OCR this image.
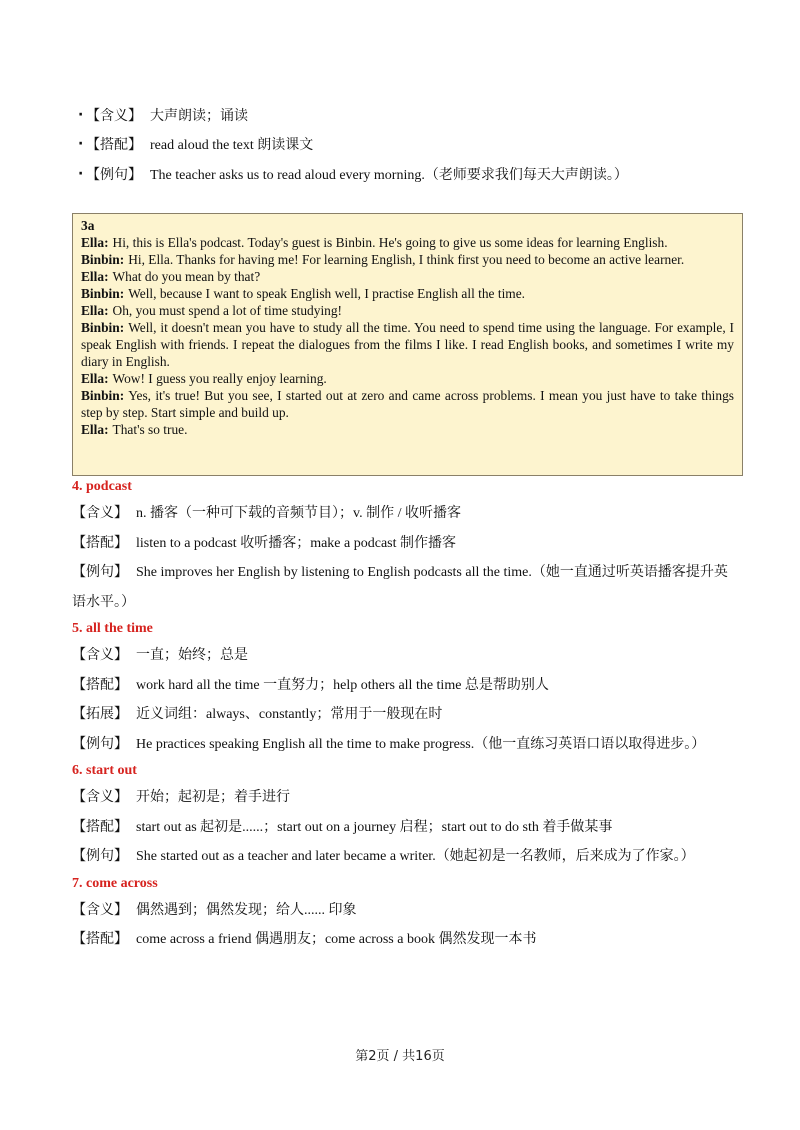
· 【含义】 大声朗读；诵读
· 【搭配】 read aloud the text 朗读课文
· 【例句】 The teacher asks us to read aloud every morning.（老师要求我们每天大声朗读。）
3a

Ella: Hi, this is Ella's podcast. Today's guest is Binbin. He's going to give us some ideas for learning English.

Binbin: Hi, Ella. Thanks for having me! For learning English, I think first you need to become an active learner.

Ella: What do you mean by that?

Binbin: Well, because I want to speak English well, I practise English all the time.

Ella: Oh, you must spend a lot of time studying!

Binbin: Well, it doesn't mean you have to study all the time. You need to spend time using the language. For example, I speak English with friends. I repeat the dialogues from the films I like. I read English books, and sometimes I write my diary in English.

Ella: Wow! I guess you really enjoy learning.

Binbin: Yes, it's true! But you see, I started out at zero and came across problems. I mean you just have to take things step by step. Start simple and build up.

Ella: That's so true.

4. podcast
【含义】 n. 播客（一种可下载的音频节目）；v. 制作 / 收听播客
【搭配】 listen to a podcast 收听播客；make a podcast 制作播客
【例句】 She improves her English by listening to English podcasts all the time.（她一直通过听英语播客提升英语水平。）
5. all the time
【含义】 一直；始终；总是
【搭配】 work hard all the time 一直努力；help others all the time 总是帮助别人
【拓展】 近义词组：always、constantly；常用于一般现在时
【例句】 He practices speaking English all the time to make progress.（他一直练习英语口语以取得进步。）
6. start out
【含义】 开始；起初是；着手进行
【搭配】 start out as 起初是......；start out on a journey 启程；start out to do sth 着手做某事
【例句】 She started out as a teacher and later became a writer.（她起初是一名教师，后来成为了作家。）
7. come across
【含义】 偶然遇到；偶然发现；给人...... 印象
【搭配】 come across a friend 偶遇朋友；come across a book 偶然发现一本书
第2页 / 共16页
